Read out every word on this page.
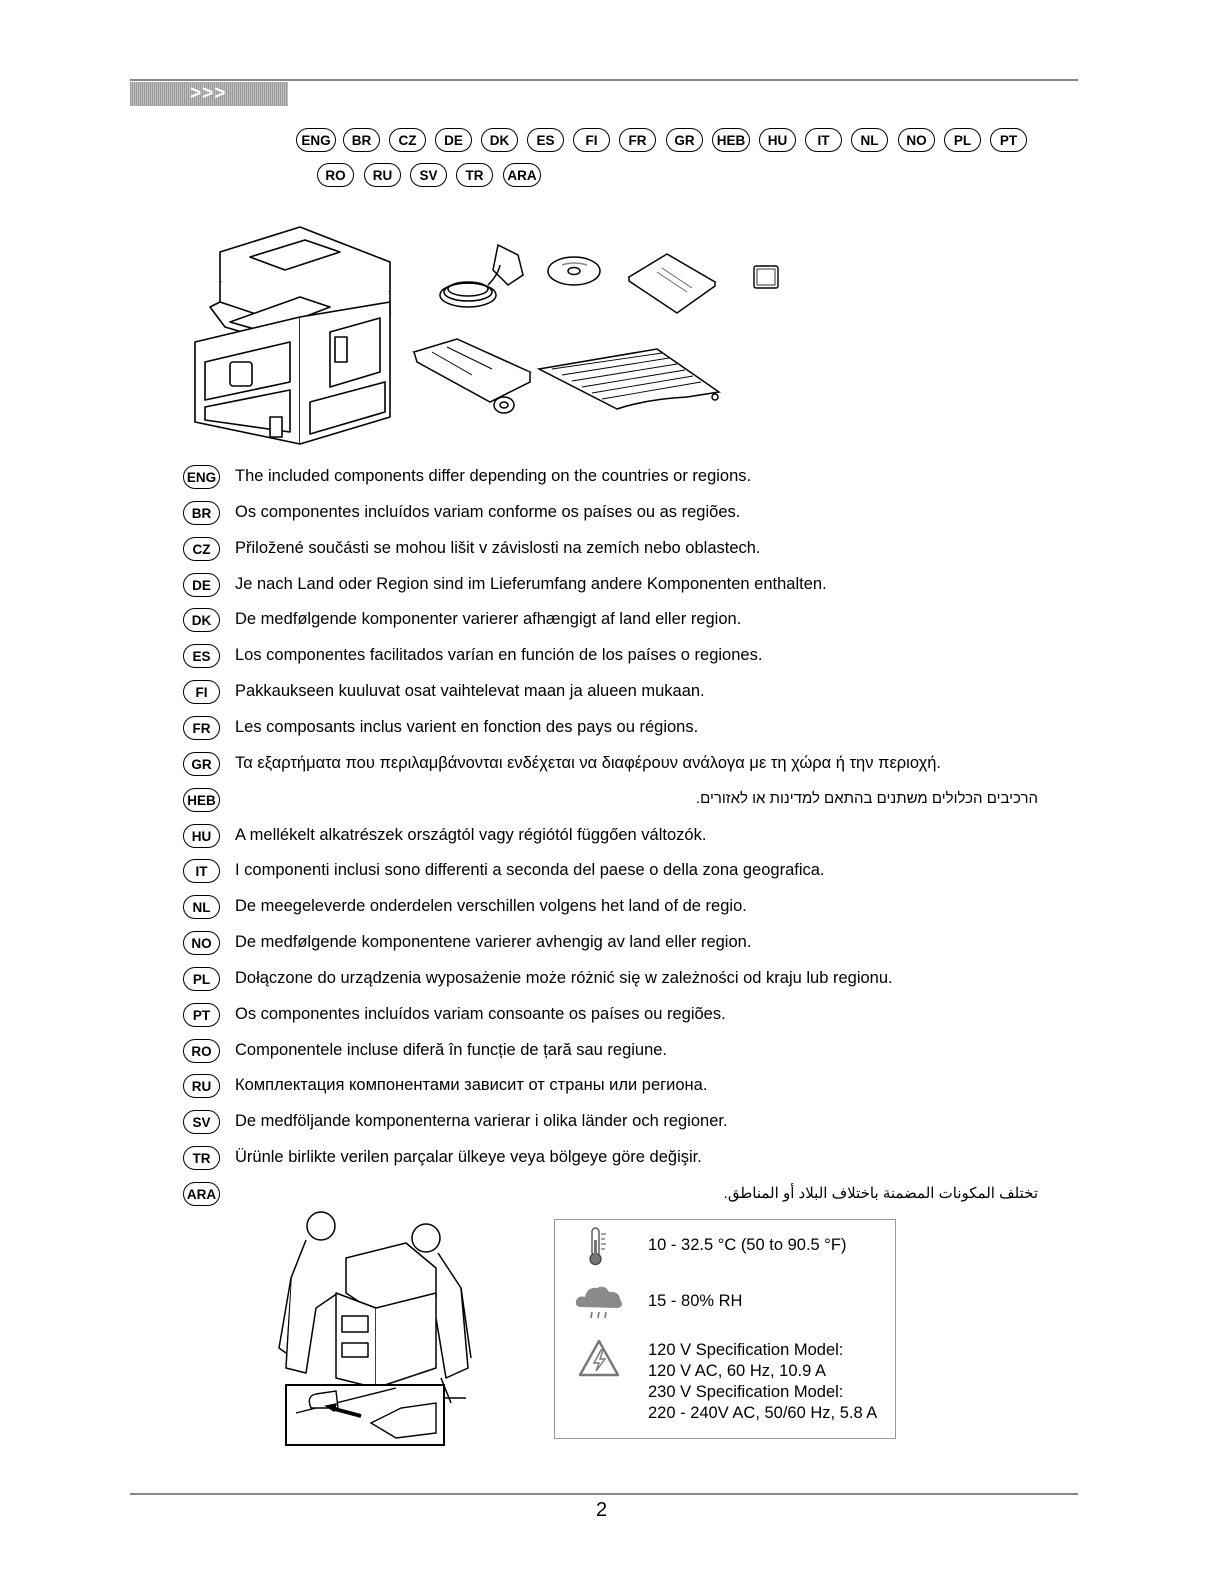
>>>
ENG	BR	CZ	DE	DK	ES	FI	FR	GR	HEB	HU	IT	NL	NO	PL	PT
RO	RU	SV	TR	ARA
ENG The included components differ depending on the countries or regions.
BR	Os componentes incluídos variam conforme os países ou as regiões.
CZ	Přiložené součásti se mohou lišit v závislosti na zemích nebo oblastech.
DE	Je nach Land oder Region sind im Lieferumfang andere Komponenten enthalten.
DK	De medfølgende komponenter varierer afhængigt af land eller region.
ES	Los componentes facilitados varían en función de los países o regiones.
FI	Pakkaukseen kuuluvat osat vaihtelevat maan ja alueen mukaan.
FR	Les composants inclus varient en fonction des pays ou régions.
GR	Τα εξαρτήματα που περιλαμβάνονται ενδέχεται να διαφέρουν ανάλογα με τη χώρα ή την περιοχή.
HEB	הרכיבים הכלולים משתנים בהתאם למדינות או לאזורים.
HU	A mellékelt alkatrészek országtól vagy régiótól függően változók.
IT	I componenti inclusi sono differenti a seconda del paese o della zona geografica.
NL	De meegeleverde onderdelen verschillen volgens het land of de regio.
NO	De medfølgende komponentene varierer avhengig av land eller region.
PL	Dołączone do urządzenia wyposażenie może różnić się w zależności od kraju lub regionu.
PT	Os componentes incluídos variam consoante os países ou regiões.
RO	Componentele incluse diferă în funcție de țară sau regiune.
RU	Комплектация компонентами зависит от страны или региона.
SV	De medföljande komponenterna varierar i olika länder och regioner.
TR	Ürünle birlikte verilen parçalar ülkeye veya bölgeye göre değişir.
ARA	تختلف المكونات المضمنة باختلاف البلاد أو المناطق.
10 - 32.5 °C (50 to 90.5 °F)
15 - 80% RH
120 V Specification Model:
120 V AC, 60 Hz, 10.9 A
230 V Specification Model:
220 - 240V AC, 50/60 Hz, 5.8 A
2
